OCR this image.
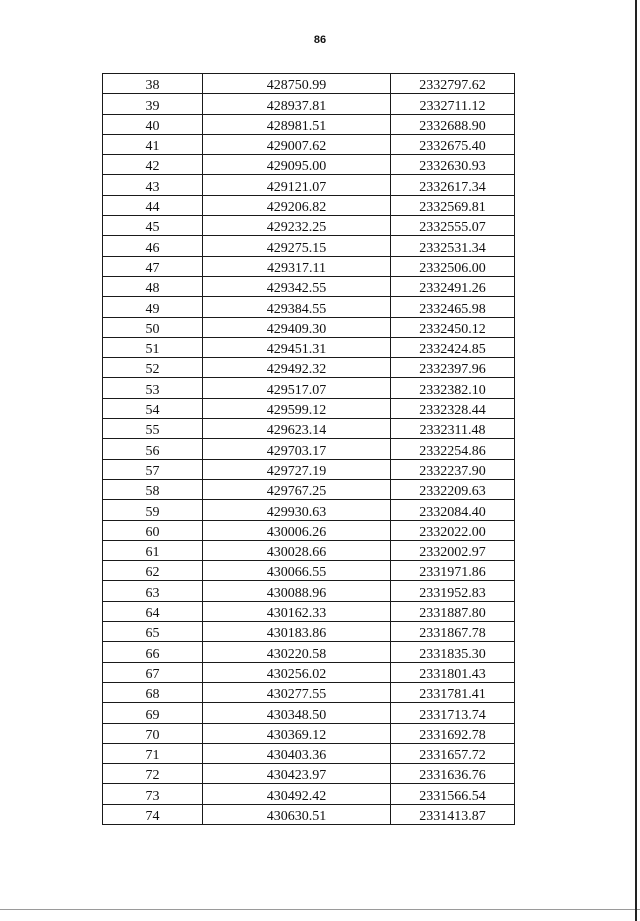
86
38	428750.99	2332797.62
39	428937.81	2332711.12
40	428981.51	2332688.90
41	429007.62	2332675.40
42	429095.00	2332630.93
43	429121.07	2332617.34
44	429206.82	2332569.81
45	429232.25	2332555.07
46	429275.15	2332531.34
47	429317.11	2332506.00
48	429342.55	2332491.26
49	429384.55	2332465.98
50	429409.30	2332450.12
51	429451.31	2332424.85
52	429492.32	2332397.96
53	429517.07	2332382.10
54	429599.12	2332328.44
55	429623.14	2332311.48
56	429703.17	2332254.86
57	429727.19	2332237.90
58	429767.25	2332209.63
59	429930.63	2332084.40
60	430006.26	2332022.00
61	430028.66	2332002.97
62	430066.55	2331971.86
63	430088.96	2331952.83
64	430162.33	2331887.80
65	430183.86	2331867.78
66	430220.58	2331835.30
67	430256.02	2331801.43
68	430277.55	2331781.41
69	430348.50	2331713.74
70	430369.12	2331692.78
71	430403.36	2331657.72
72	430423.97	2331636.76
73	430492.42	2331566.54
74	430630.51	2331413.87
